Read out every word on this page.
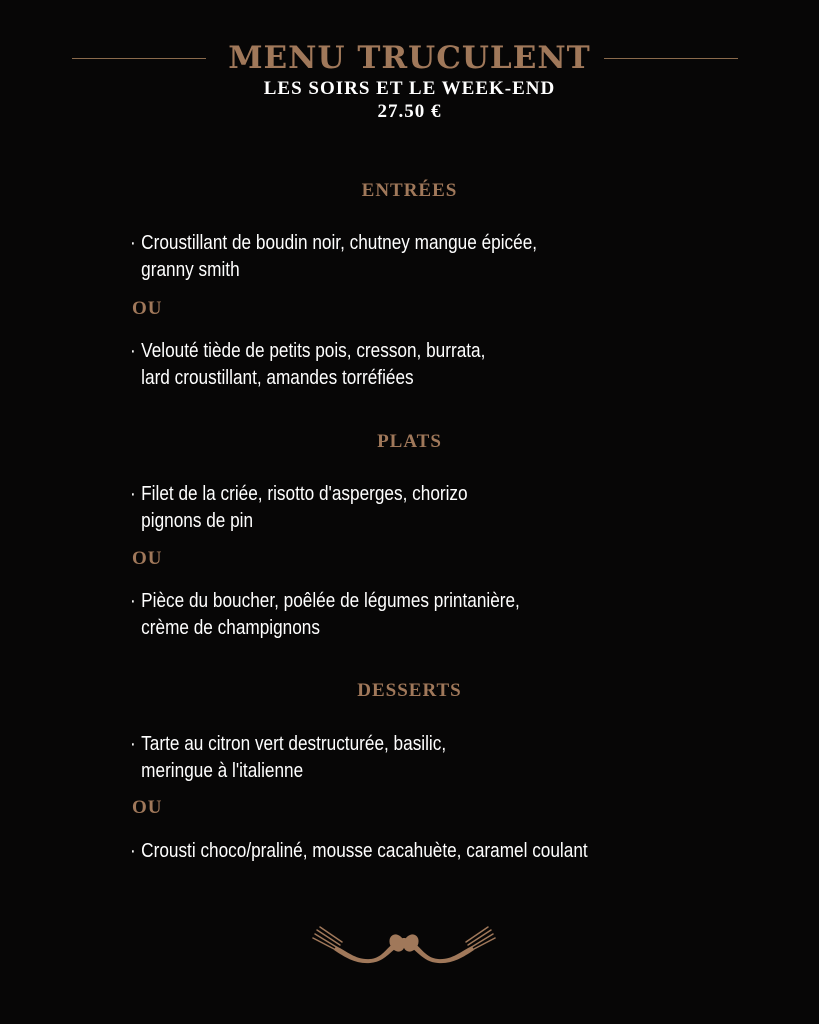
MENU TRUCULENT
LES SOIRS ET LE WEEK-END
27.50 €
ENTRÉES
· Croustillant de boudin noir, chutney mangue épicée,
granny smith
OU
· Velouté tiède de petits pois, cresson, burrata,
lard croustillant, amandes torréfiées
PLATS
· Filet de la criée, risotto d'asperges, chorizo
pignons de pin
OU
· Pièce du boucher, poêlée de légumes printanière,
crème de champignons
DESSERTS
· Tarte au citron vert destructurée, basilic,
meringue à l'italienne
OU
· Crousti choco/praliné, mousse cacahuète, caramel coulant
